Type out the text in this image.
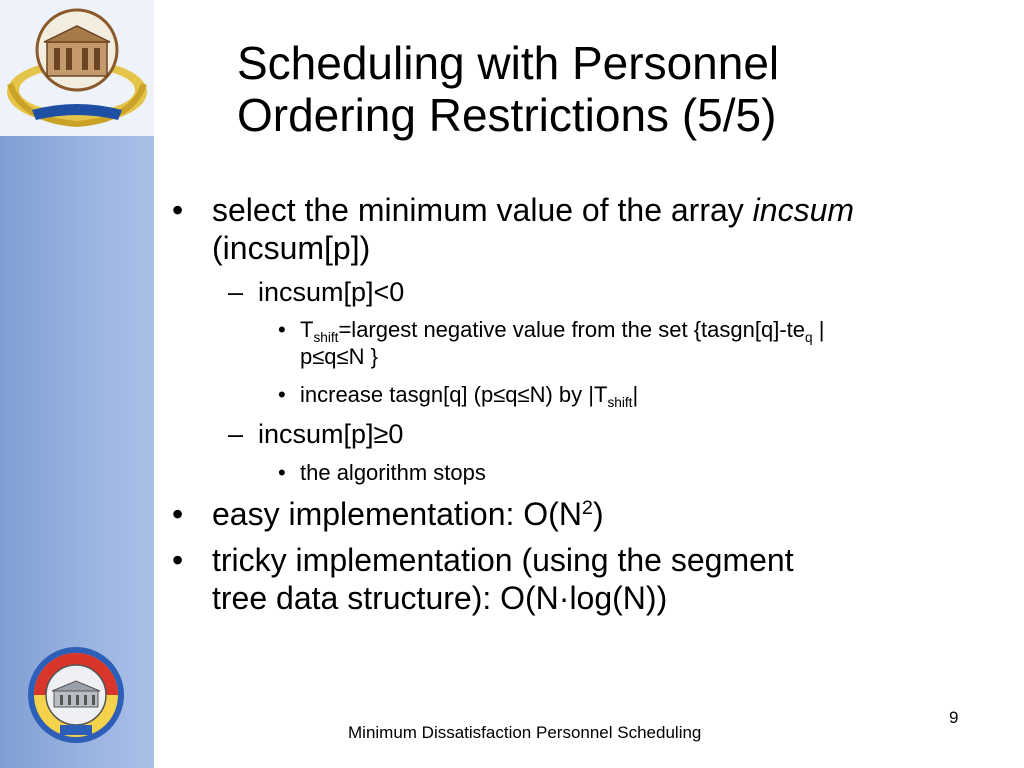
Scheduling with Personnel
Ordering Restrictions (5/5)
• select the minimum value of the array incsum
(incsum[p])
– incsum[p]<0
• $T_{shift}=largest$ negative value from the set {$tasgn[q]-te_q$ |
p≤q≤N }
• increase tasgn[q] (p≤q≤N) by $|T_{shift}|$
– incsum[p]≥0
• the algorithm stops
• easy implementation: $O(N^2)$
• tricky implementation (using the segment
tree data structure): O(N·log(N))
Minimum Dissatisfaction Personnel Scheduling
9
